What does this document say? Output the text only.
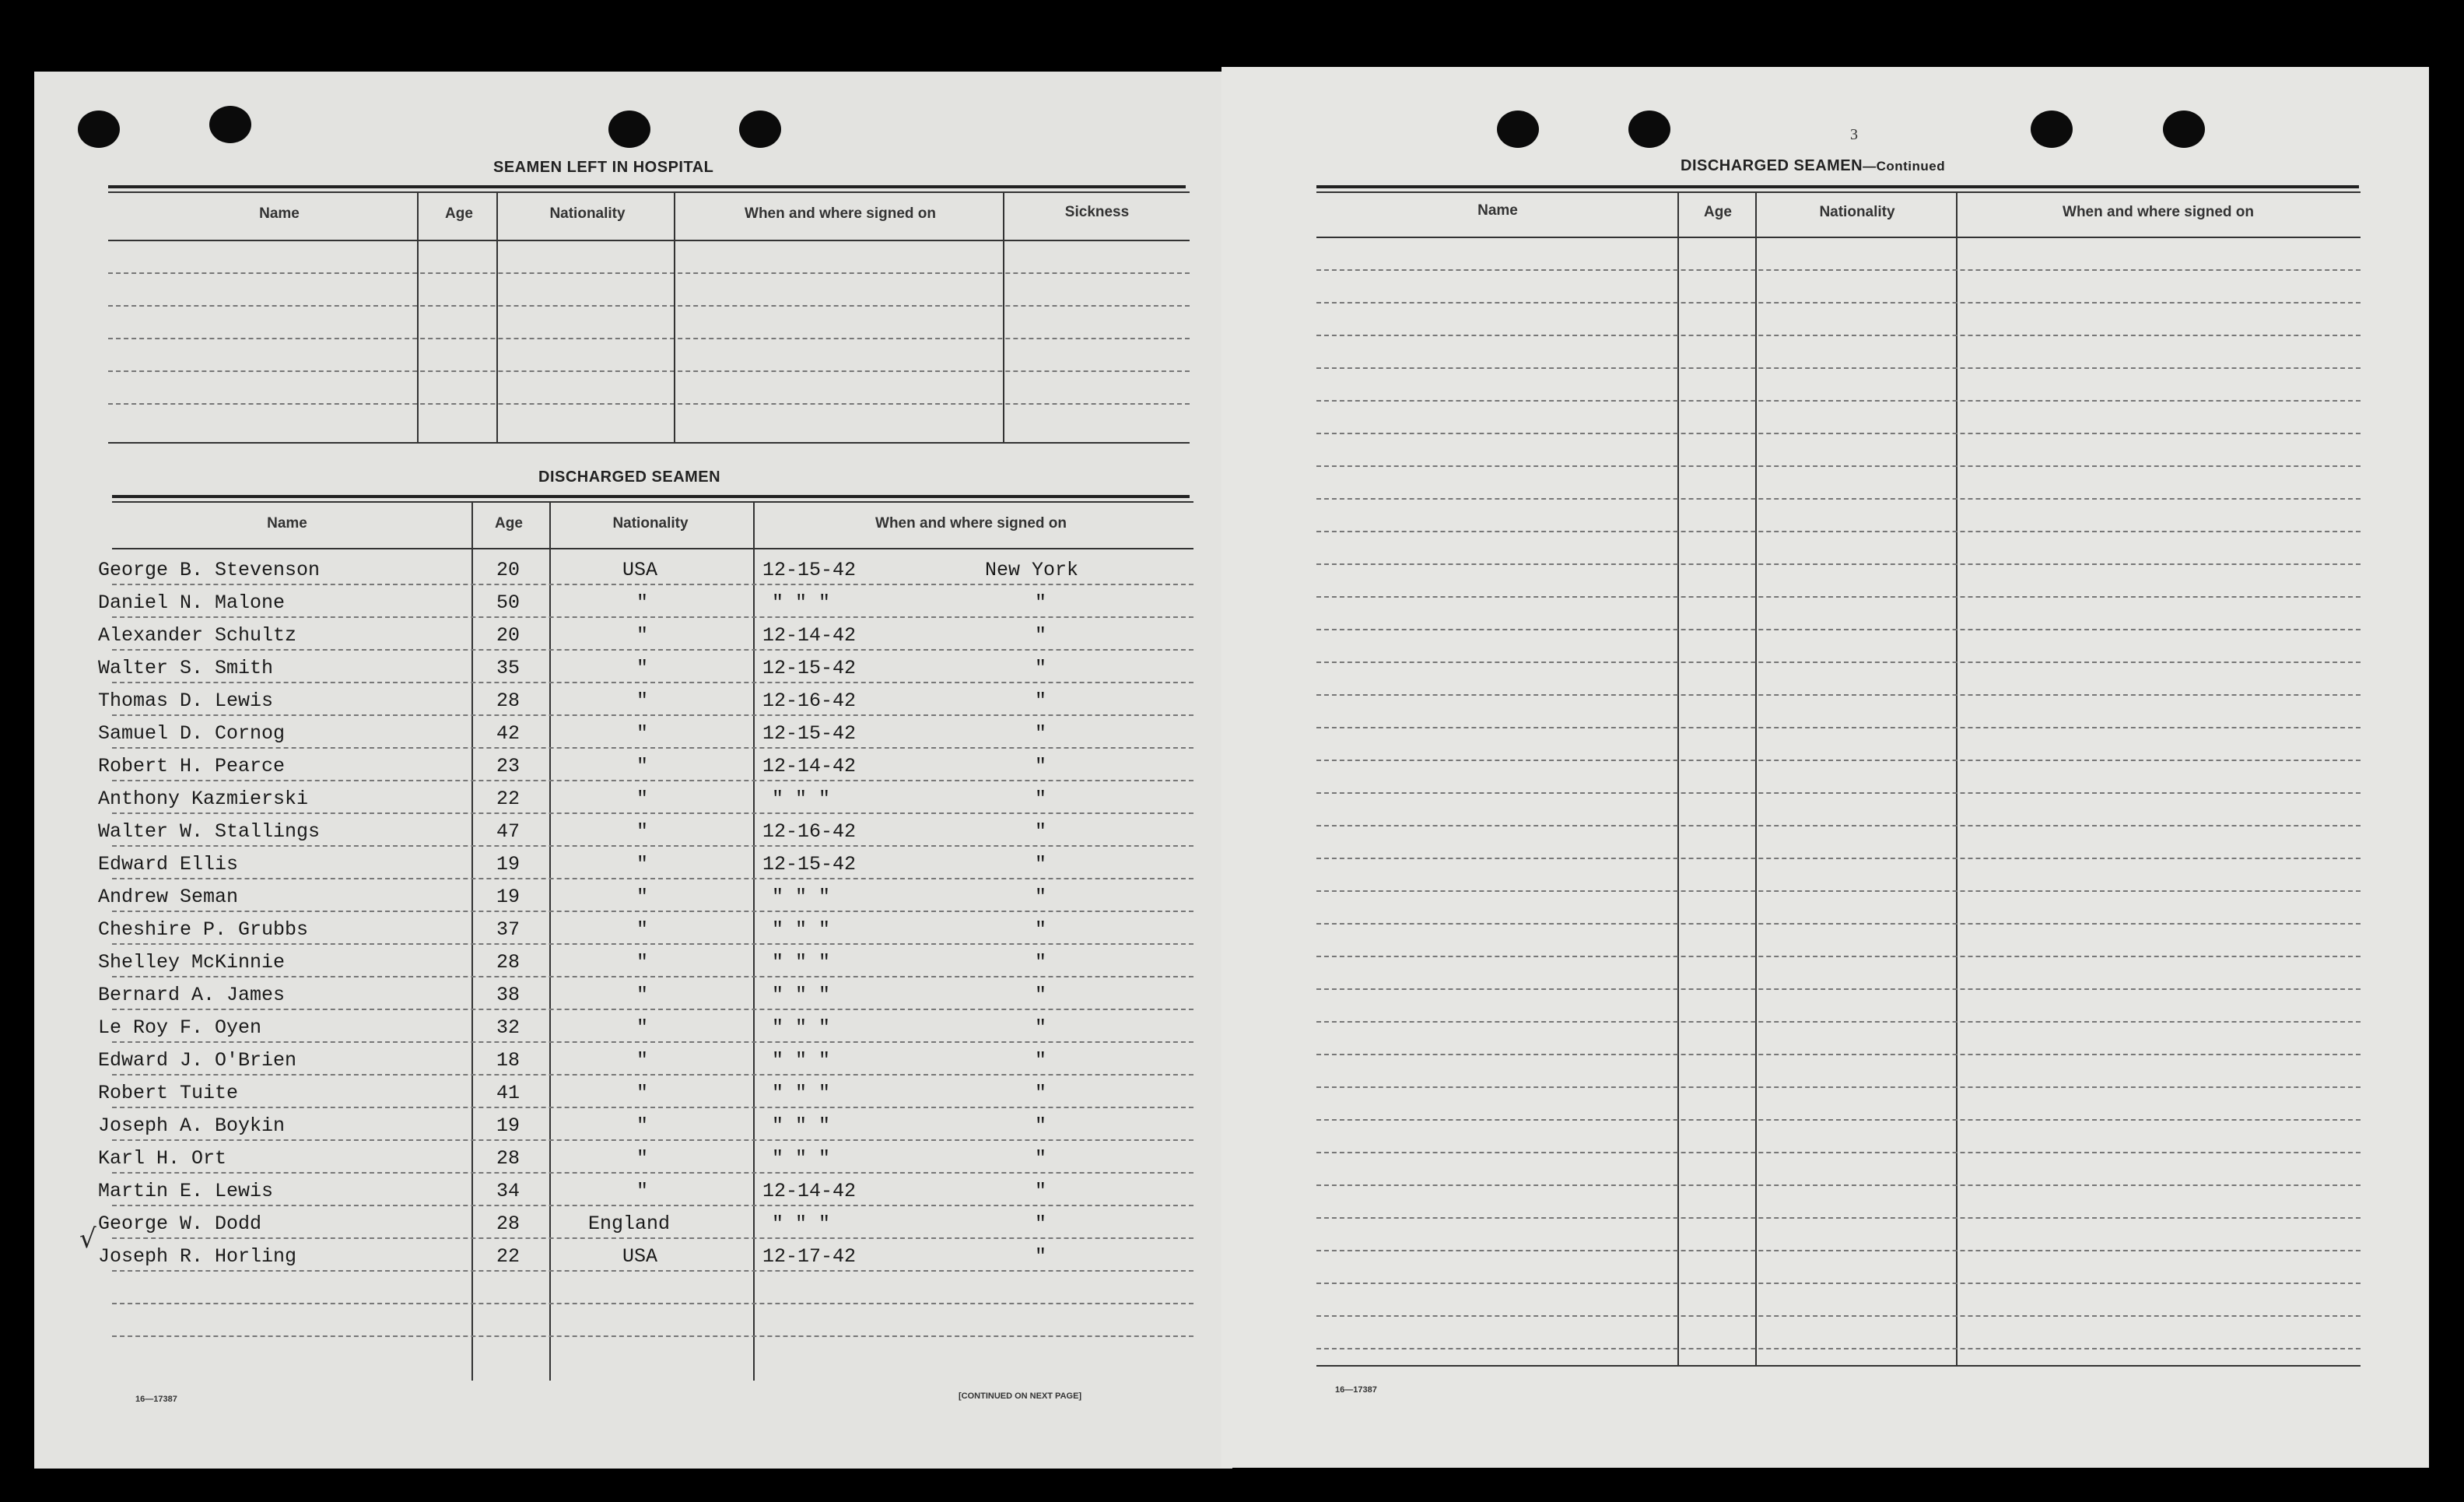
SEAMEN LEFT IN HOSPITAL
Name	Age	Nationality	When and where signed on	Sickness
DISCHARGED SEAMEN
Name	Age	Nationality	When and where signed on
George B. Stevenson	20	USA	12-15-42	New York
Daniel N. Malone	50	"	" " "	"
Alexander Schultz	20	"	12-14-42	"
Walter S. Smith	35	"	12-15-42	"
Thomas D. Lewis	28	"	12-16-42	"
Samuel D. Cornog	42	"	12-15-42	"
Robert H. Pearce	23	"	12-14-42	"
Anthony Kazmierski	22	"	" " "	"
Walter W. Stallings	47	"	12-16-42	"
Edward Ellis	19	"	12-15-42	"
Andrew Seman	19	"	" " "	"
Cheshire P. Grubbs	37	"	" " "	"
Shelley McKinnie	28	"	" " "	"
Bernard A. James	38	"	" " "	"
Le Roy F. Oyen	32	"	" " "	"
Edward J. O'Brien	18	"	" " "	"
Robert Tuite	41	"	" " "	"
Joseph A. Boykin	19	"	" " "	"
Karl H. Ort	28	"	" " "	"
Martin E. Lewis	34	"	12-14-42	"
George W. Dodd	28	England	" " "	"
Joseph R. Horling	22	USA	12-17-42	"
√
16—17387	[CONTINUED ON NEXT PAGE]
3
DISCHARGED SEAMEN—Continued
Name	Age	Nationality	When and where signed on
16—17387
